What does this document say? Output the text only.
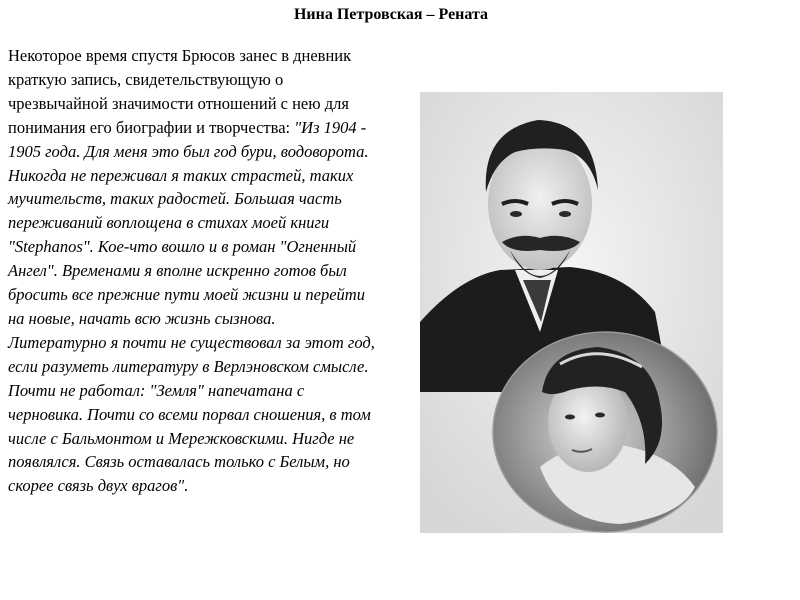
Нина Петровская – Рената

Некоторое время спустя Брюсов занес в дневник краткую запись, свидетельствующую о чрезвычайной значимости отношений с нею для понимания его биографии и творчества: "Из 1904 - 1905 года. Для меня это был год бури, водоворота. Никогда не переживал я таких страстей, таких мучительств, таких радостей. Большая часть переживаний воплощена в стихах моей книги "Stephanos". Кое-что вошло и в роман "Огненный Ангел". Временами я вполне искренно готов был бросить все прежние пути моей жизни и перейти на новые, начать всю жизнь сызнова. Литературно я почти не существовал за этот год, если разуметь литературу в Верлэновском смысле. Почти не работал: "Земля" напечатана с черновика. Почти со всеми порвал сношения, в том числе с Бальмонтом и Мережковскими. Нигде не появлялся. Связь оставалась только с Белым, но скорее связь двух врагов".
